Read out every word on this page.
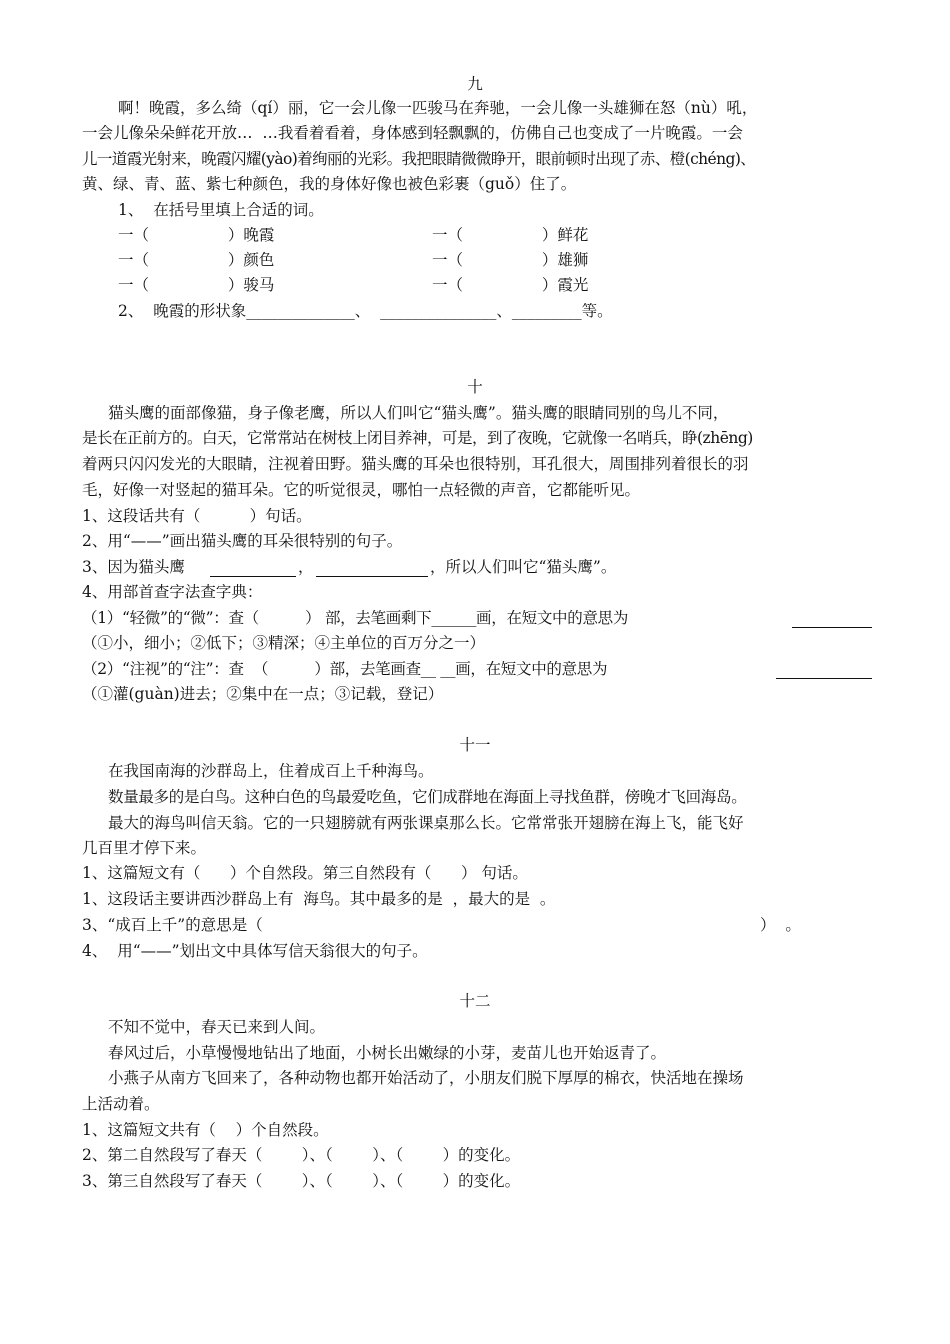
九
啊！晚霞，多么绮（qí）丽，它一会儿像一匹骏马在奔驰，一会儿像一头雄狮在怒（nù）吼，
一会儿像朵朵鲜花开放…  …我看着看着，身体感到轻飘飘的，仿佛自己也变成了一片晚霞。一会
儿一道霞光射来，晚霞闪耀(yào)着绚丽的光彩。我把眼睛微微睁开，眼前顿时出现了赤、橙(chéng)、
黄、绿、青、蓝、紫七种颜色，我的身体好像也被色彩裹（guǒ）住了。
1、  在括号里填上合适的词。
一（                ）晚霞	一（                ）鲜花
一（                ）颜色	一（                ）雄狮
一（                ）骏马	一（                ）霞光
2、  晚霞的形状象______________、  _______________、_________等。
十
猫头鹰的面部像猫，身子像老鹰，所以人们叫它“猫头鹰”。猫头鹰的眼睛同别的鸟儿不同，
是长在正前方的。白天，它常常站在树枝上闭目养神，可是，到了夜晚，它就像一名哨兵，睁(zhēng)
着两只闪闪发光的大眼睛，注视着田野。猫头鹰的耳朵也很特别，耳孔很大，周围排列着很长的羽
毛，好像一对竖起的猫耳朵。它的听觉很灵，哪怕一点轻微的声音，它都能听见。
1、这段话共有（          ）句话。
2、用“——”画出猫头鹰的耳朵很特别的句子。
3、因为猫头鹰	，	，所以人们叫它“猫头鹰”。
4、用部首查字法查字典：
（1）“轻微”的“微”：查（          ） 部，去笔画剩下______画，在短文中的意思为
（①小，细小；②低下；③精深；④主单位的百万分之一）
（2）“注视”的“注”：查  （          ）部，去笔画查__ __画，在短文中的意思为
（①灌(guàn)进去；②集中在一点；③记载，登记）
十一
在我国南海的沙群岛上，住着成百上千种海鸟。
数量最多的是白鸟。这种白色的鸟最爱吃鱼，它们成群地在海面上寻找鱼群，傍晚才飞回海岛。
最大的海鸟叫信天翁。它的一只翅膀就有两张课桌那么长。它常常张开翅膀在海上飞，能飞好
几百里才停下来。
1、这篇短文有（      ）个自然段。第三自然段有（      ） 句话。
1、这段话主要讲西沙群岛上有  海鸟。其中最多的是  ，最大的是  。
3、“成百上千”的意思是（	）  。
4、  用“——”划出文中具体写信天翁很大的句子。
十二
不知不觉中，春天已来到人间。
春风过后，小草慢慢地钻出了地面，小树长出嫩绿的小芽，麦苗儿也开始返青了。
小燕子从南方飞回来了，各种动物也都开始活动了，小朋友们脱下厚厚的棉衣，快活地在操场
上活动着。
1、这篇短文共有（    ）个自然段。
2、第二自然段写了春天（        ）、（        ）、（        ）的变化。
3、第三自然段写了春天（        ）、（        ）、（        ）的变化。
